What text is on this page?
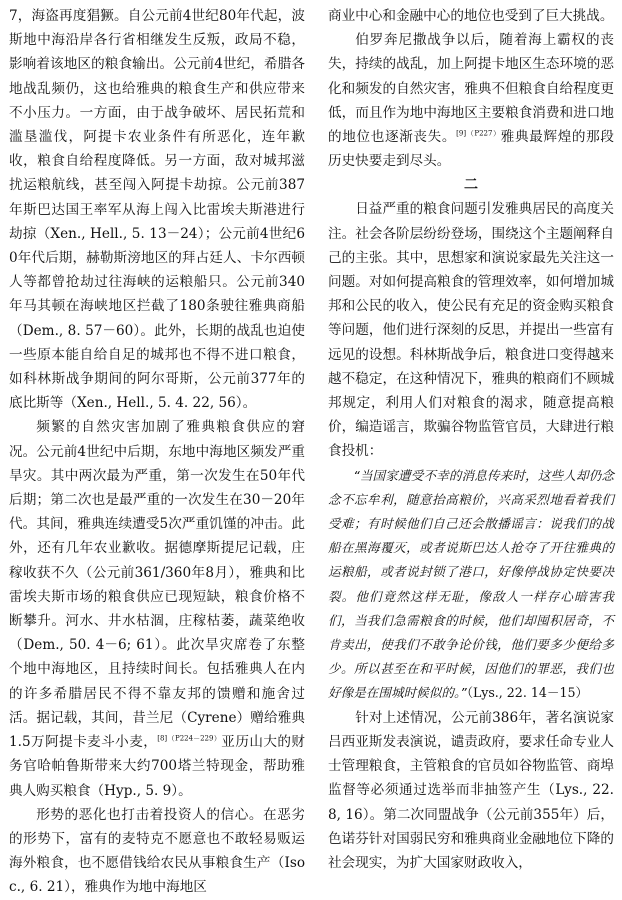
7，海盗再度猖獗。自公元前4世纪80年代起，波斯地中海沿岸各行省相继发生反叛，政局不稳，影响着该地区的粮食输出。公元前4世纪，希腊各地战乱频仍，这也给雅典的粮食生产和供应带来不小压力。一方面，由于战争破坏、居民拓荒和滥垦滥伐，阿提卡农业条件有所恶化，连年歉收，粮食自给程度降低。另一方面，敌对城邦滋扰运粮航线，甚至闯入阿提卡劫掠。公元前387年斯巴达国王率军从海上闯入比雷埃夫斯港进行劫掠（Xen., Hell., 5. 13－24）；公元前4世纪60年代后期，赫勒斯滂地区的拜占廷人、卡尔西顿人等都曾抢劫过往海峡的运粮船只。公元前340年马其顿在海峡地区拦截了180条驶往雅典商船（Dem., 8. 57－60）。此外，长期的战乱也迫使一些原本能自给自足的城邦也不得不进口粮食，如科林斯战争期间的阿尔哥斯，公元前377年的底比斯等（Xen., Hell., 5. 4. 22, 56）。

频繁的自然灾害加剧了雅典粮食供应的窘况。公元前4世纪中后期，东地中海地区频发严重旱灾。其中两次最为严重，第一次发生在50年代后期；第二次也是最严重的一次发生在30－20年代。其间，雅典连续遭受5次严重饥馑的冲击。此外，还有几年农业歉收。据德摩斯提尼记载，庄稼收获不久（公元前361/360年8月），雅典和比雷埃夫斯市场的粮食供应已现短缺，粮食价格不断攀升。河水、井水枯涸，庄稼枯萎，蔬菜绝收（Dem., 50. 4－6; 61）。此次旱灾席卷了东整个地中海地区，且持续时间长。包括雅典人在内的许多希腊居民不得不靠友邦的馈赠和施舍过活。据记载，其间，昔兰尼（Cyrene）赠给雅典1.5万阿提卡麦斗小麦，$^{[8](P224-229)}$亚历山大的财务官哈帕鲁斯带来大约700塔兰特现金，帮助雅典人购买粮食（Hyp., 5. 9）。

形势的恶化也打击着投资人的信心。在恶劣的形势下，富有的麦特克不愿意也不敢轻易贩运海外粮食，也不愿借钱给农民从事粮食生产（Isoc., 6. 21），雅典作为地中海地区

商业中心和金融中心的地位也受到了巨大挑战。

伯罗奔尼撒战争以后，随着海上霸权的丧失，持续的战乱，加上阿提卡地区生态环境的恶化和频发的自然灾害，雅典不但粮食自给程度更低，而且作为地中海地区主要粮食消费和进口地的地位也逐渐丧失。$^{[9](P227)}$雅典最辉煌的那段历史快要走到尽头。

二

日益严重的粮食问题引发雅典居民的高度关注。社会各阶层纷纷登场，围绕这个主题阐释自己的主张。其中，思想家和演说家最先关注这一问题。对如何提高粮食的管理效率，如何增加城邦和公民的收入，使公民有充足的资金购买粮食等问题，他们进行深刻的反思，并提出一些富有远见的设想。科林斯战争后，粮食进口变得越来越不稳定，在这种情况下，雅典的粮商们不顾城邦规定，利用人们对粮食的渴求，随意提高粮价，编造谣言，欺骗谷物监管官员，大肆进行粮食投机：

“当国家遭受不幸的消息传来时，这些人却仍念念不忘牟利，随意抬高粮价，兴高采烈地看着我们受难；有时候他们自己还会散播谣言：说我们的战船在黑海覆灭，或者说斯巴达人抢夺了开往雅典的运粮船，或者说封锁了港口，好像停战协定快要决裂。他们竟然这样无耻，像敌人一样存心暗害我们，当我们急需粮食的时候，他们却囤积居奇，不肯卖出，使我们不敢争论价钱，他们要多少便给多少。所以甚至在和平时候，因他们的罪恶，我们也好像是在围城时候似的。”（Lys., 22. 14－15）

针对上述情况，公元前386年，著名演说家吕西亚斯发表演说，谴责政府，要求任命专业人士管理粮食，主管粮食的官员如谷物监管、商埠监督等必须通过选举而非抽签产生（Lys., 22. 8, 16）。第二次同盟战争（公元前355年）后，色诺芬针对国弱民穷和雅典商业金融地位下降的社会现实，为扩大国家财政收入，
